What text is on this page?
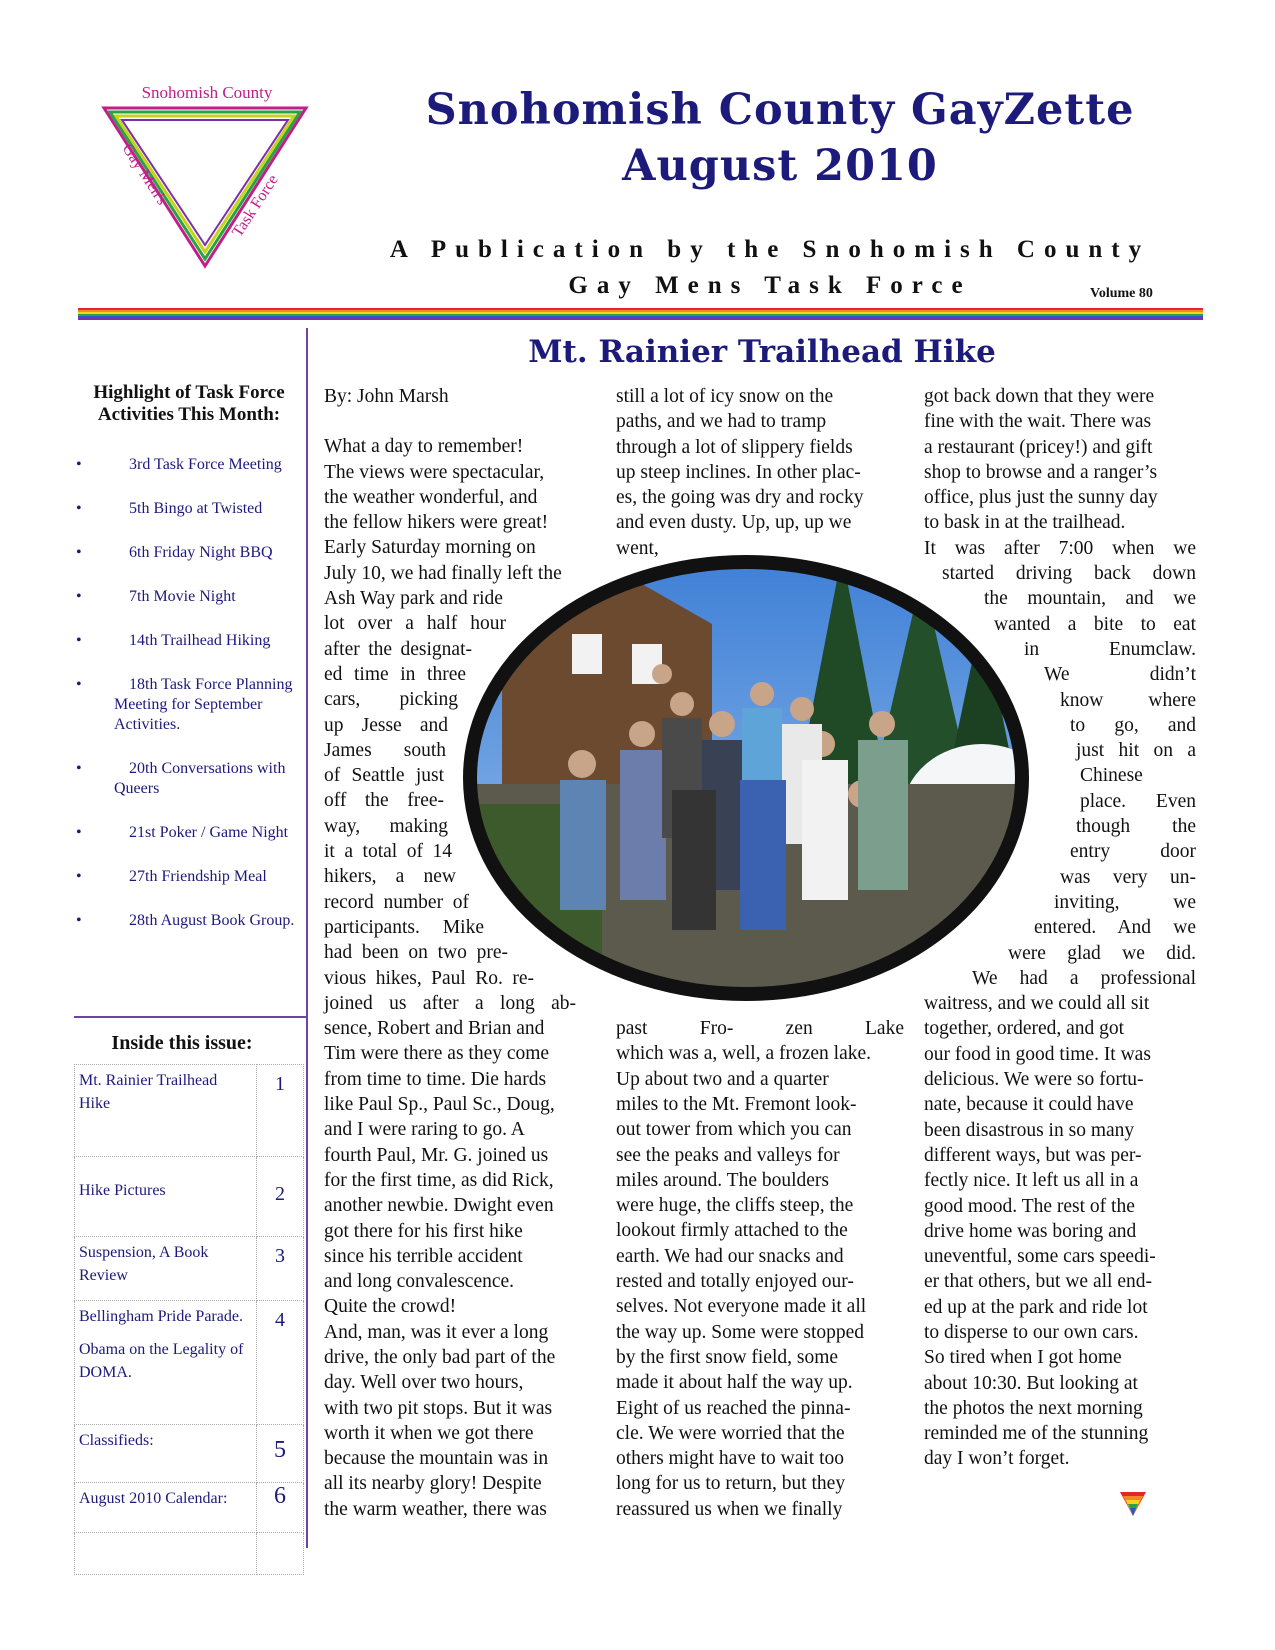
Snohomish County
Gay Men's	Task Force
Snohomish County GayZette
August 2010
A Publication by the Snohomish County
Gay Mens Task Force	Volume 80
Highlight of Task Force Activities This Month:
• 3rd Task Force Meeting
• 5th Bingo at Twisted
• 6th Friday Night BBQ
• 7th Movie Night
• 14th Trailhead Hiking
• 18th Task Force Planning Meeting for September Activities.
• 20th Conversations with Queers
• 21st Poker / Game Night
• 27th Friendship Meal
• 28th August Book Group.
Inside this issue:
Mt. Rainier Trailhead Hike	1
Hike Pictures	2
Suspension, A Book Review	3

Bellingham Pride Parade.
Obama on the Legality of DOMA.	4
Classifieds:	5
August 2010 Calendar:	6

Mt. Rainier Trailhead Hike

By: John Marsh

What a day to remember!
The views were spectacular,
the weather wonderful, and
the fellow hikers were great!
Early Saturday morning on
July 10, we had finally left the
Ash Way park and ride
lot over a half hour
after the designat-
ed time in three
cars, picking
up Jesse and
James south
of Seattle just
off the free-
way, making
it a total of 14
hikers, a new
record number of
participants. Mike
had been on two pre-
vious hikes, Paul Ro. re-
joined us after a long ab-
sence, Robert and Brian and
Tim were there as they come
from time to time. Die hards
like Paul Sp., Paul Sc., Doug,
and I were raring to go. A
fourth Paul, Mr. G. joined us
for the first time, as did Rick,
another newbie. Dwight even
got there for his first hike
since his terrible accident
and long convalescence.
Quite the crowd!
And, man, was it ever a long
drive, the only bad part of the
day. Well over two hours,
with two pit stops. But it was
worth it when we got there
because the mountain was in
all its nearby glory! Despite
the warm weather, there was
still a lot of icy snow on the
paths, and we had to tramp
through a lot of slippery fields
up steep inclines. In other plac-
es, the going was dry and rocky
and even dusty. Up, up, up we
went,
past Fro- zen Lake
which was a, well, a frozen lake.
Up about two and a quarter
miles to the Mt. Fremont look-
out tower from which you can
see the peaks and valleys for
miles around. The boulders
were huge, the cliffs steep, the
lookout firmly attached to the
earth. We had our snacks and
rested and totally enjoyed our-
selves. Not everyone made it all
the way up. Some were stopped
by the first snow field, some
made it about half the way up.
Eight of us reached the pinna-
cle. We were worried that the
others might have to wait too
long for us to return, but they
reassured us when we finally
got back down that they were
fine with the wait. There was
a restaurant (pricey!) and gift
shop to browse and a ranger’s
office, plus just the sunny day
to bask in at the trailhead.
It was after 7:00 when we
started driving back down
the mountain, and we
wanted a bite to eat
in Enumclaw.
We didn’t
know where
to go, and
just hit on a
Chinese
place. Even
though the
entry door
was very un-
inviting, we
entered. And we
were glad we did.
We had a professional
waitress, and we could all sit
together, ordered, and got
our food in good time. It was
delicious. We were so fortu-
nate, because it could have
been disastrous in so many
different ways, but was per-
fectly nice. It left us all in a
good mood. The rest of the
drive home was boring and
uneventful, some cars speedi-
er that others, but we all end-
ed up at the park and ride lot
to disperse to our own cars.
So tired when I got home
about 10:30. But looking at
the photos the next morning
reminded me of the stunning
day I won’t forget.
